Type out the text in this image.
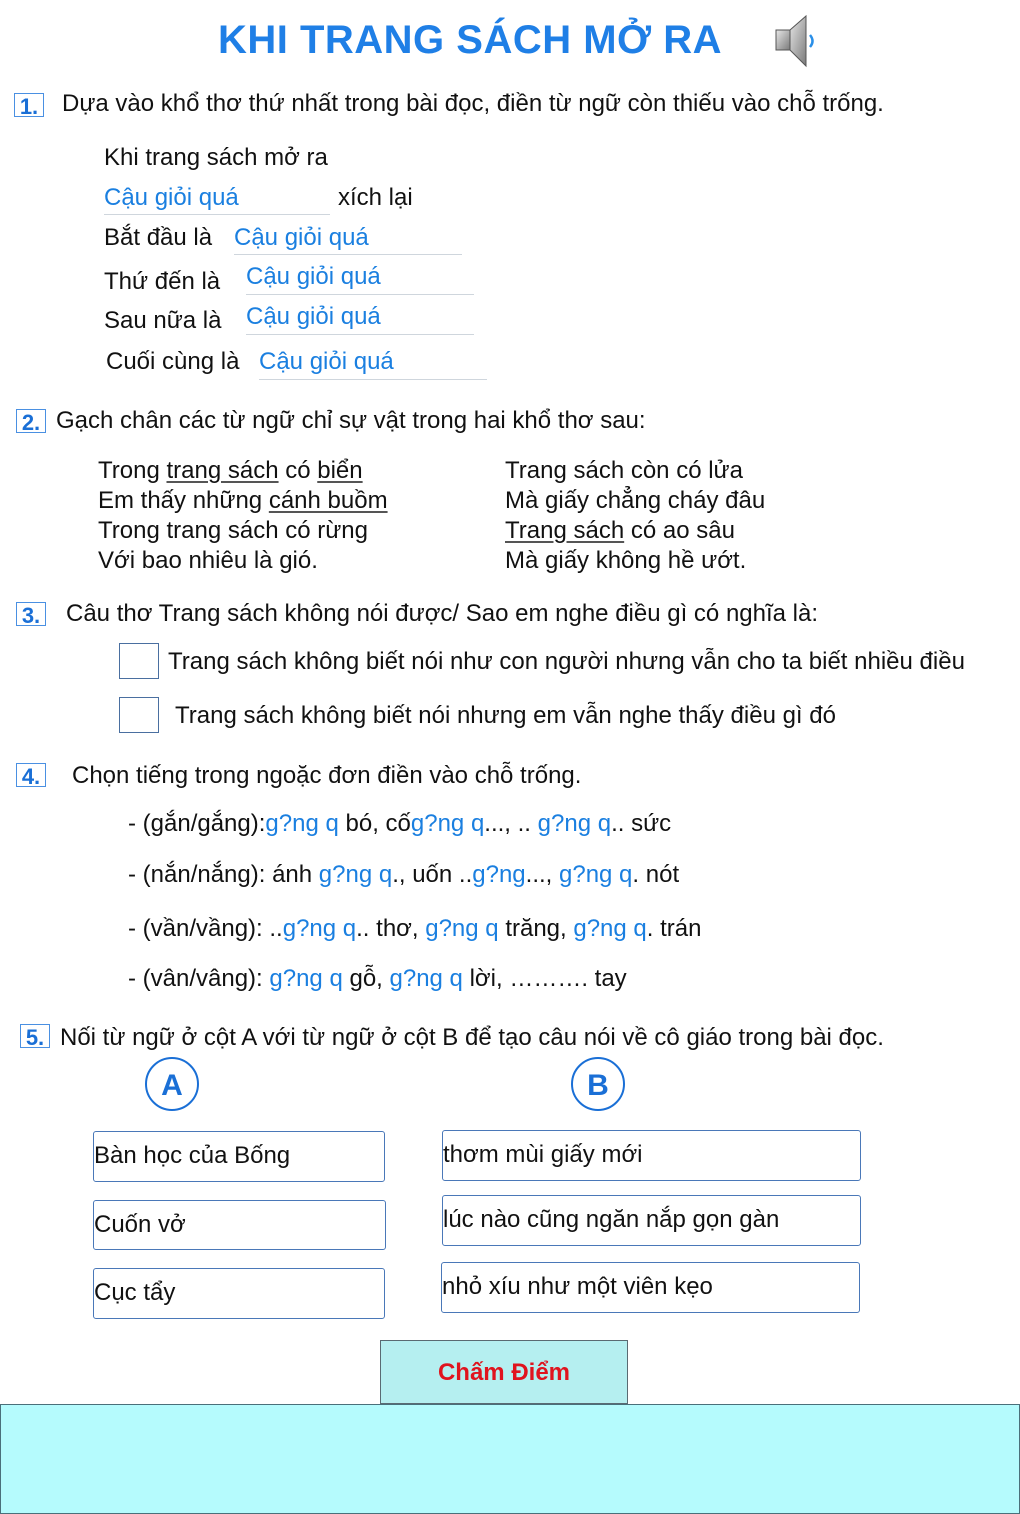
KHI TRANG SÁCH MỞ RA
1. Dựa vào khổ thơ thứ nhất trong bài đọc, điền từ ngữ còn thiếu vào chỗ trống.
Khi trang sách mở ra
Cậu giỏi quá	xích lại
Bắt đầu là Cậu giỏi quá
Thứ đến là Cậu giỏi quá
Sau nữa là Cậu giỏi quá
Cuối cùng là Cậu giỏi quá
2. Gạch chân các từ ngữ chỉ sự vật trong hai khổ thơ sau:
Trong trang sách có biển
Em thấy những cánh buồm
Trong trang sách có rừng
Với bao nhiêu là gió.
Trang sách còn có lửa
Mà giấy chẳng cháy đâu
Trang sách có ao sâu
Mà giấy không hề ướt.
3. Câu thơ Trang sách không nói được/ Sao em nghe điều gì có nghĩa là:
Trang sách không biết nói như con người nhưng vẫn cho ta biết nhiều điều
Trang sách không biết nói nhưng em vẫn nghe thấy điều gì đó
4. Chọn tiếng trong ngoặc đơn điền vào chỗ trống.
- (gắn/gắng):g?ng q bó, cốg?ng q..., .. g?ng q.. sức
- (nắn/nắng): ánh g?ng q., uốn ..g?ng..., g?ng q. nót
- (vần/vầng): ..g?ng q.. thơ, g?ng q trăng, g?ng q. trán
- (vân/vâng): g?ng q gỗ, g?ng q lời, ………. tay
5. Nối từ ngữ ở cột A với từ ngữ ở cột B để tạo câu nói về cô giáo trong bài đọc.
A	B
Bàn học của Bống
Cuốn vở
Cục tẩy
thơm mùi giấy mới
lúc nào cũng ngăn nắp gọn gàn
nhỏ xíu như một viên kẹo
Chấm Điểm
